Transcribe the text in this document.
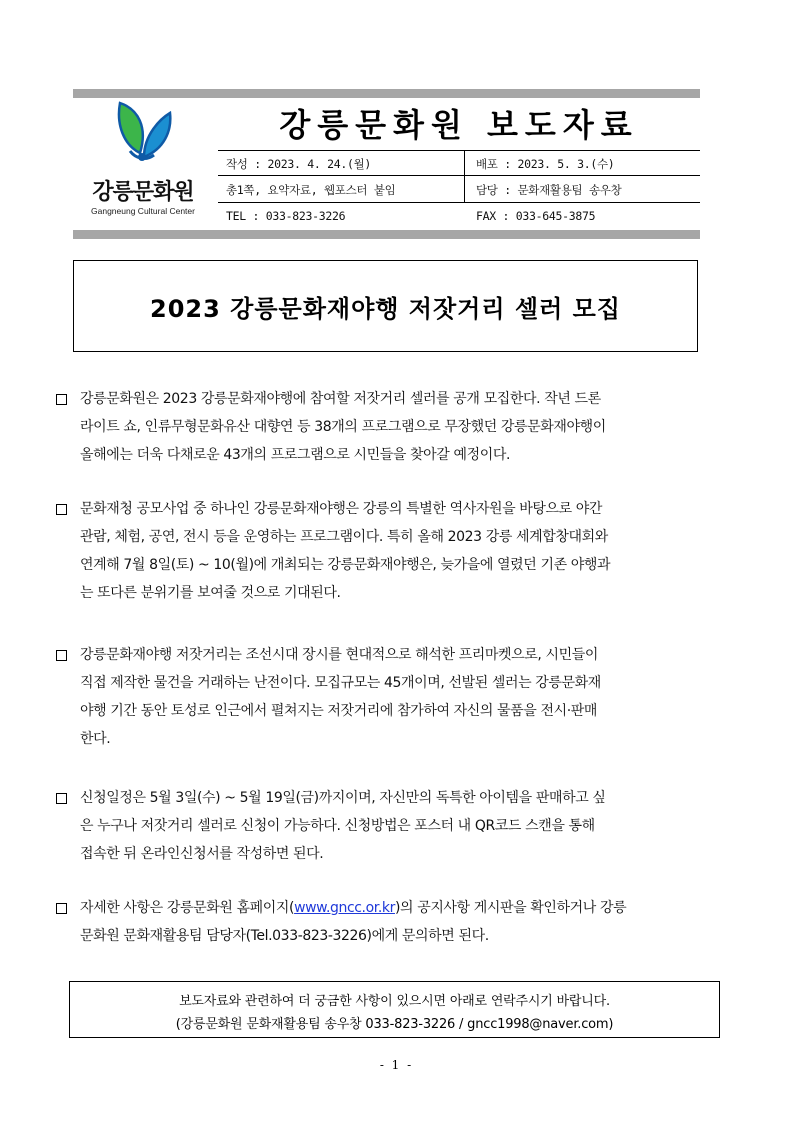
강릉문화원
Gangneung Cultural Center
강릉문화원 보도자료
작성 : 2023. 4. 24.(월)	배포 : 2023. 5. 3.(수)
총1쪽, 요약자료, 웹포스터 붙임	담당 : 문화재활용팀 송우창
TEL : 033-823-3226	FAX : 033-645-3875
2023 강릉문화재야행 저잣거리 셀러 모집
강릉문화원은 2023 강릉문화재야행에 참여할 저잣거리 셀러를 공개 모집한다. 작년 드론
라이트 쇼, 인류무형문화유산 대향연 등 38개의 프로그램으로 무장했던 강릉문화재야행이
올해에는 더욱 다채로운 43개의 프로그램으로 시민들을 찾아갈 예정이다.
문화재청 공모사업 중 하나인 강릉문화재야행은 강릉의 특별한 역사자원을 바탕으로 야간
관람, 체험, 공연, 전시 등을 운영하는 프로그램이다. 특히 올해 2023 강릉 세계합창대회와
연계해 7월 8일(토) ~ 10(월)에 개최되는 강릉문화재야행은, 늦가을에 열렸던 기존 야행과
는 또다른 분위기를 보여줄 것으로 기대된다.
강릉문화재야행 저잣거리는 조선시대 장시를 현대적으로 해석한 프리마켓으로, 시민들이
직접 제작한 물건을 거래하는 난전이다. 모집규모는 45개이며, 선발된 셀러는 강릉문화재
야행 기간 동안 토성로 인근에서 펼쳐지는 저잣거리에 참가하여 자신의 물품을 전시·판매
한다.
신청일정은 5월 3일(수) ~ 5월 19일(금)까지이며, 자신만의 독특한 아이템을 판매하고 싶
은 누구나 저잣거리 셀러로 신청이 가능하다. 신청방법은 포스터 내 QR코드 스캔을 통해
접속한 뒤 온라인신청서를 작성하면 된다.
자세한 사항은 강릉문화원 홈페이지(www.gncc.or.kr)의 공지사항 게시판을 확인하거나 강릉
문화원 문화재활용팀 담당자(Tel.033-823-3226)에게 문의하면 된다.
보도자료와 관련하여 더 궁금한 사항이 있으시면 아래로 연락주시기 바랍니다.
(강릉문화원 문화재활용팀 송우창 033-823-3226 / gncc1998@naver.com)
- 1 -
